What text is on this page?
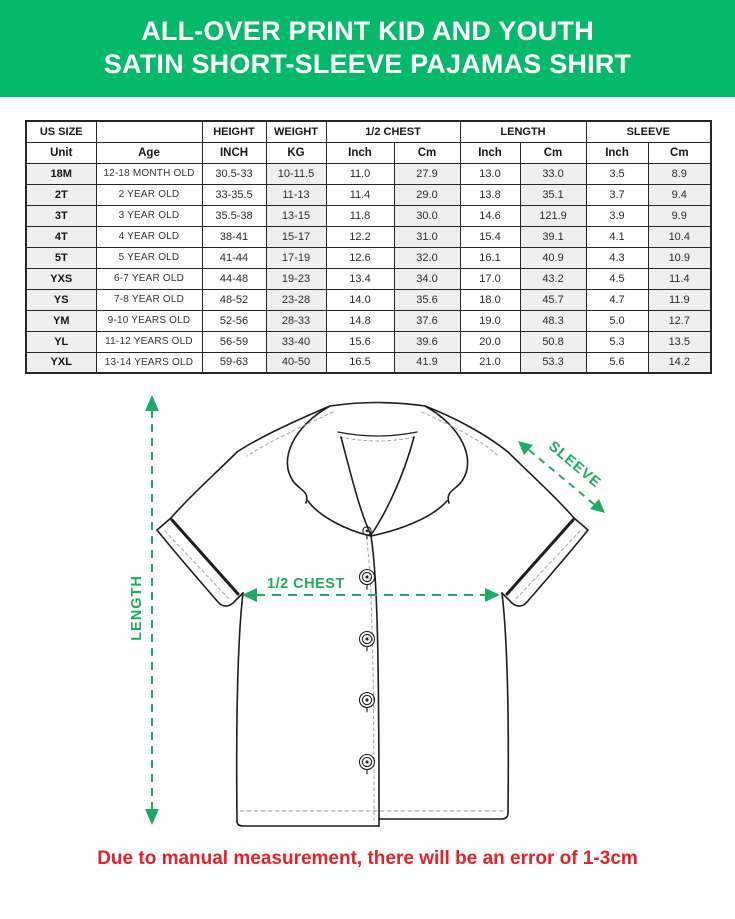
ALL-OVER PRINT KID AND YOUTH
SATIN SHORT-SLEEVE PAJAMAS SHIRT
US SIZE		HEIGHT	WEIGHT	1/2 CHEST		LENGTH		SLEEVE	
Unit	Age	INCH	KG	Inch	Cm	Inch	Cm	Inch	Cm
18M	12-18 MONTH OLD	30.5-33	10-11.5	11.0	27.9	13.0	33.0	3.5	8.9
2T	2 YEAR OLD	33-35.5	11-13	11.4	29.0	13.8	35.1	3.7	9.4
3T	3 YEAR OLD	35.5-38	13-15	11.8	30.0	14.6	121.9	3.9	9.9
4T	4 YEAR OLD	38-41	15-17	12.2	31.0	15.4	39.1	4.1	10.4
5T	5 YEAR OLD	41-44	17-19	12.6	32.0	16.1	40.9	4.3	10.9
YXS	6-7 YEAR OLD	44-48	19-23	13.4	34.0	17.0	43.2	4.5	11.4
YS	7-8 YEAR OLD	48-52	23-28	14.0	35.6	18.0	45.7	4.7	11.9
YM	9-10 YEARS OLD	52-56	28-33	14.8	37.6	19.0	48.3	5.0	12.7
YL	11-12 YEARS OLD	56-59	33-40	15.6	39.6	20.0	50.8	5.3	13.5
YXL	13-14 YEARS OLD	59-63	40-50	16.5	41.9	21.0	53.3	5.6	14.2
LENGTH
SLEEVE
1/2 CHEST
Due to manual measurement, there will be an error of 1-3cm
